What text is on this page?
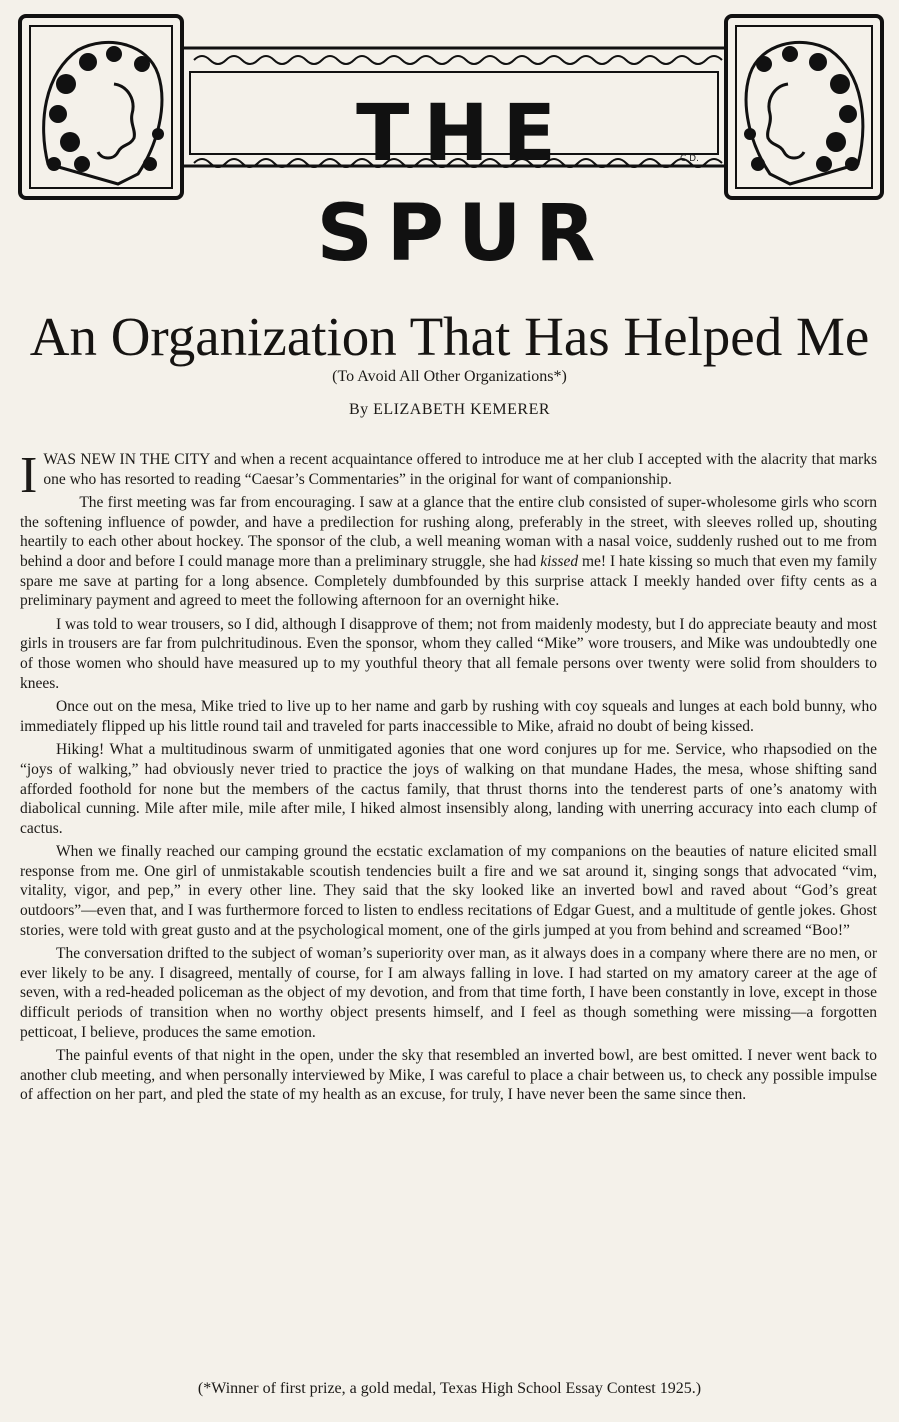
THE SPUR
C.D.
An Organization That Has Helped Me
(To Avoid All Other Organizations*)
By ELIZABETH KEMERER

IWAS NEW IN THE CITY and when a recent acquaintance offered to introduce me at her club I accepted with the alacrity that marks one who has resorted to reading “Caesar’s Commentaries” in the original for want of companionship.

The first meeting was far from encouraging. I saw at a glance that the entire club consisted of super-wholesome girls who scorn the softening influence of powder, and have a predilection for rushing along, preferably in the street, with sleeves rolled up, shouting heartily to each other about hockey. The sponsor of the club, a well meaning woman with a nasal voice, suddenly rushed out to me from behind a door and before I could manage more than a preliminary struggle, she had kissed me! I hate kissing so much that even my family spare me save at parting for a long absence. Completely dumbfounded by this surprise attack I meekly handed over fifty cents as a preliminary payment and agreed to meet the following afternoon for an overnight hike.

I was told to wear trousers, so I did, although I disapprove of them; not from maidenly modesty, but I do appreciate beauty and most girls in trousers are far from pulchritudinous. Even the sponsor, whom they called “Mike” wore trousers, and Mike was undoubtedly one of those women who should have measured up to my youthful theory that all female persons over twenty were solid from shoulders to knees.

Once out on the mesa, Mike tried to live up to her name and garb by rushing with coy squeals and lunges at each bold bunny, who immediately flipped up his little round tail and traveled for parts inaccessible to Mike, afraid no doubt of being kissed.

Hiking! What a multitudinous swarm of unmitigated agonies that one word conjures up for me. Service, who rhapsodied on the “joys of walking,” had obviously never tried to practice the joys of walking on that mundane Hades, the mesa, whose shifting sand afforded foothold for none but the members of the cactus family, that thrust thorns into the tenderest parts of one’s anatomy with diabolical cunning. Mile after mile, mile after mile, I hiked almost insensibly along, landing with unerring accuracy into each clump of cactus.

When we finally reached our camping ground the ecstatic exclamation of my companions on the beauties of nature elicited small response from me. One girl of unmistakable scoutish tendencies built a fire and we sat around it, singing songs that advocated “vim, vitality, vigor, and pep,” in every other line. They said that the sky looked like an inverted bowl and raved about “God’s great outdoors”—even that, and I was furthermore forced to listen to endless recitations of Edgar Guest, and a multitude of gentle jokes. Ghost stories, were told with great gusto and at the psychological moment, one of the girls jumped at you from behind and screamed “Boo!”

The conversation drifted to the subject of woman’s superiority over man, as it always does in a company where there are no men, or ever likely to be any. I disagreed, mentally of course, for I am always falling in love. I had started on my amatory career at the age of seven, with a red-headed policeman as the object of my devotion, and from that time forth, I have been constantly in love, except in those difficult periods of transition when no worthy object presents himself, and I feel as though something were missing—a forgotten petticoat, I believe, produces the same emotion.

The painful events of that night in the open, under the sky that resembled an inverted bowl, are best omitted. I never went back to another club meeting, and when personally interviewed by Mike, I was careful to place a chair between us, to check any possible impulse of affection on her part, and pled the state of my health as an excuse, for truly, I have never been the same since then.

(*Winner of first prize, a gold medal, Texas High School Essay Contest 1925.)
